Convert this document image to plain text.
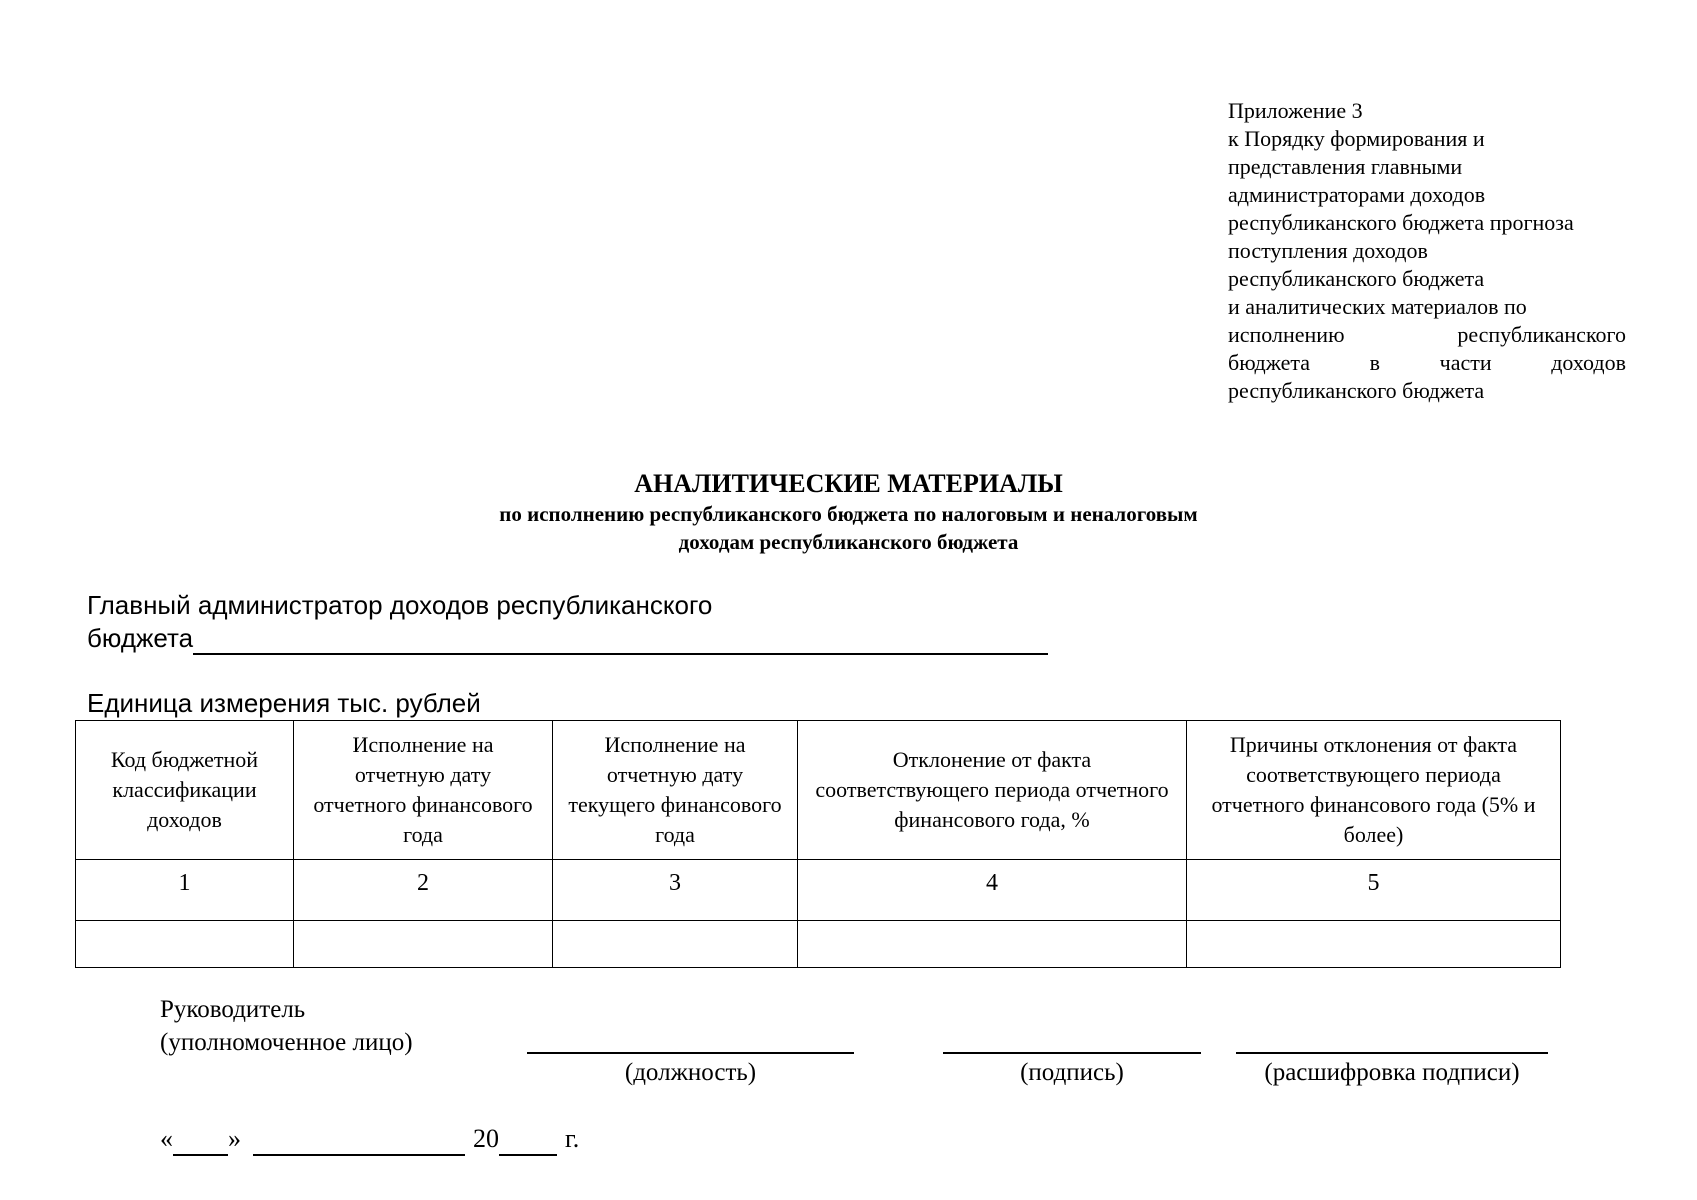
Приложение 3
к Порядку формирования и
представления главными
администраторами доходов
республиканского бюджета прогноза
поступления доходов
республиканского бюджета
и аналитических материалов по
исполнению	республиканского
бюджета	в	части	доходов
республиканского бюджета
АНАЛИТИЧЕСКИЕ МАТЕРИАЛЫ
по исполнению республиканского бюджета по налоговым и неналоговым
доходам республиканского бюджета
Главный администратор доходов республиканского
бюджета
Единица измерения тыс. рублей
Код бюджетной классификации доходов	Исполнение на отчетную дату отчетного финансового года	Исполнение на отчетную дату текущего финансового года	Отклонение от факта соответствующего периода отчетного финансового года, %	Причины отклонения от факта соответствующего периода отчетного финансового года (5% и более)
1	2	3	4	5

Руководитель
(уполномоченное лицо)
(должность)	(подпись)	(расшифровка подписи)
« »	20	г.
